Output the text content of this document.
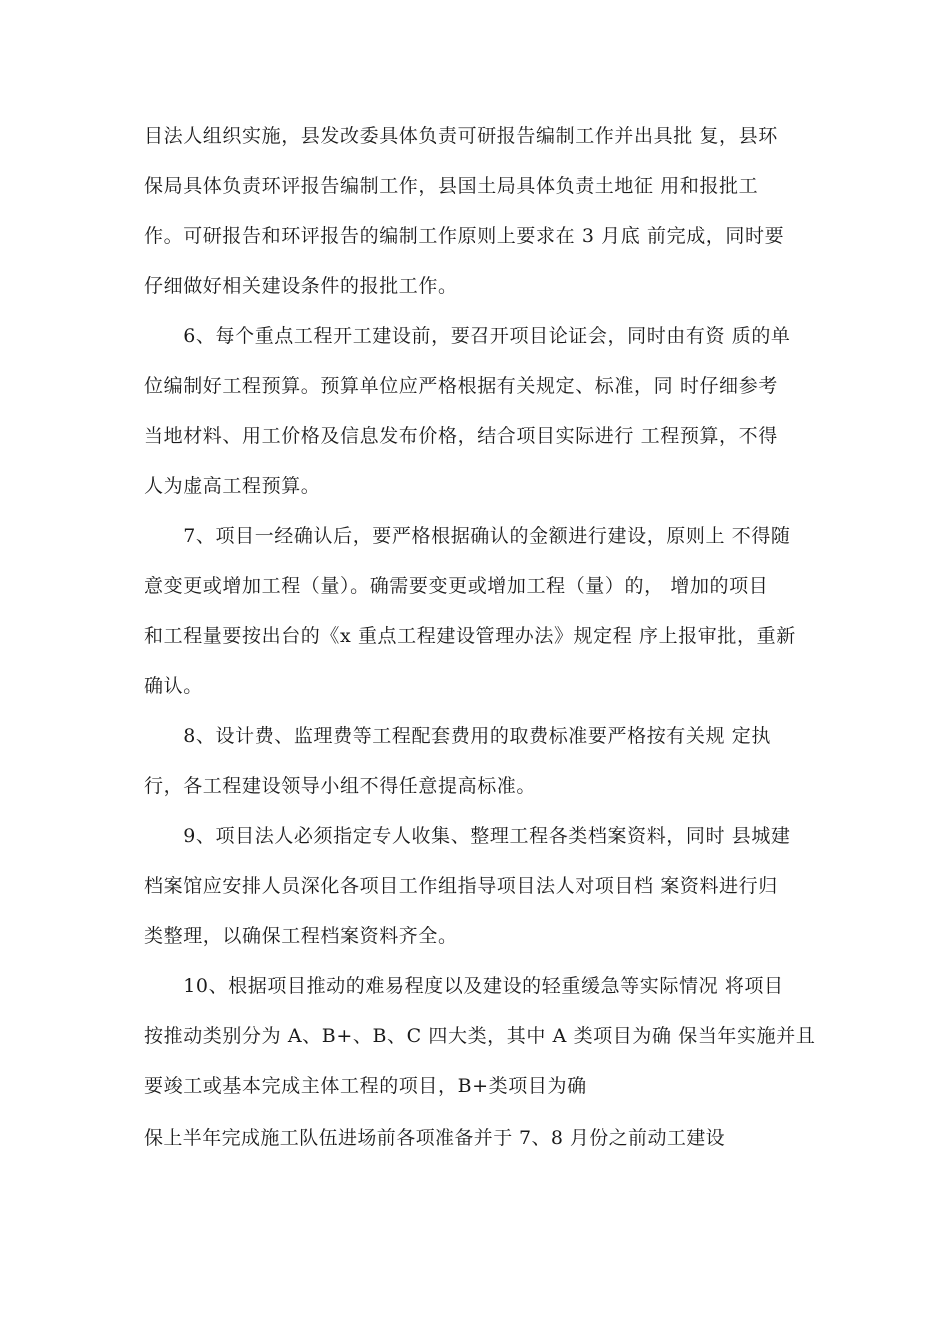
目法人组织实施，县发改委具体负责可研报告编制工作并出具批 复，县环
保局具体负责环评报告编制工作，县国土局具体负责土地征 用和报批工
作。可研报告和环评报告的编制工作原则上要求在 3 月底 前完成，同时要
仔细做好相关建设条件的报批工作。
　　6、每个重点工程开工建设前，要召开项目论证会，同时由有资 质的单
位编制好工程预算。预算单位应严格根据有关规定、标准，同 时仔细参考
当地材料、用工价格及信息发布价格，结合项目实际进行 工程预算，不得
人为虚高工程预算。
　　7、项目一经确认后，要严格根据确认的金额进行建设，原则上 不得随
意变更或增加工程（量）。确需要变更或增加工程（量）的， 增加的项目
和工程量要按出台的《x 重点工程建设管理办法》规定程 序上报审批，重新
确认。
　　8、设计费、监理费等工程配套费用的取费标准要严格按有关规 定执
行，各工程建设领导小组不得任意提高标准。
　　9、项目法人必须指定专人收集、整理工程各类档案资料，同时 县城建
档案馆应安排人员深化各项目工作组指导项目法人对项目档 案资料进行归
类整理，以确保工程档案资料齐全。
　　10、根据项目推动的难易程度以及建设的轻重缓急等实际情况 将项目
按推动类别分为 A、B+、B、C 四大类，其中 A 类项目为确 保当年实施并且
要竣工或基本完成主体工程的项目，B+类项目为确
保上半年完成施工队伍进场前各项准备并于 7、8 月份之前动工建设
